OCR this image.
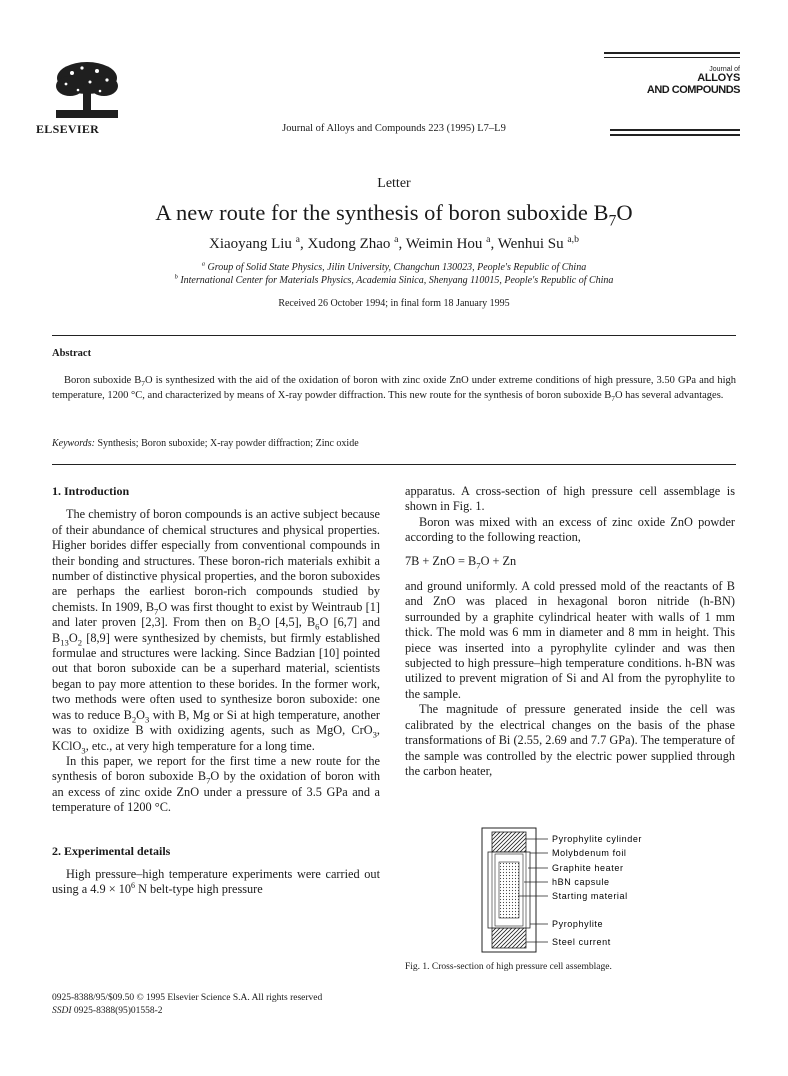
ELSEVIER	Journal of Alloys and Compounds 223 (1995) L7–L9
Journal of
ALLOYS
AND COMPOUNDS
Letter
A new route for the synthesis of boron suboxide $B_7O$
Xiaoyang Liu $^a$, Xudong Zhao $^a$, Weimin Hou $^a$, Wenhui Su $^{a,b}$
$^a$ Group of Solid State Physics, Jilin University, Changchun 130023, People's Republic of China
$^b$ International Center for Materials Physics, Academia Sinica, Shenyang 110015, People's Republic of China
Received 26 October 1994; in final form 18 January 1995
Abstract
Boron suboxide $B_7O$ is synthesized with the aid of the oxidation of boron with zinc oxide ZnO under extreme conditions of high pressure, 3.50 GPa and high temperature, 1200 °C, and characterized by means of X-ray powder diffraction. This new route for the synthesis of boron suboxide $B_7O$ has several advantages.
Keywords: Synthesis; Boron suboxide; X-ray powder diffraction; Zinc oxide
1. Introduction

The chemistry of boron compounds is an active subject because of their abundance of chemical structures and physical properties. Higher borides differ especially from conventional compounds in their bonding and structures. These boron-rich materials exhibit a number of distinctive physical properties, and the boron suboxides are perhaps the earliest boron-rich compounds studied by chemists. In 1909, $B_7O$ was first thought to exist by Weintraub [1] and later proven [2,3]. From then on $B_2O$ [4,5], $B_6O$ [6,7] and $B_{13}O_2$ [8,9] were synthesized by chemists, but firmly established formulae and structures were lacking. Since Badzian [10] pointed out that boron suboxide can be a superhard material, scientists began to pay more attention to these borides. In the former work, two methods were often used to synthesize boron suboxide: one was to reduce $B_2O_3$ with B, Mg or Si at high temperature, another was to oxidize B with oxidizing agents, such as MgO, CrO$_3$, KClO$_3$, etc., at very high temperature for a long time.

In this paper, we report for the first time a new route for the synthesis of boron suboxide $B_7O$ by the oxidation of boron with an excess of zinc oxide ZnO under a pressure of 3.5 GPa and a temperature of 1200 °C.

2. Experimental details

High pressure–high temperature experiments were carried out using a $4.9 \times 10^6$ N belt-type high pressure

apparatus. A cross-section of high pressure cell assemblage is shown in Fig. 1.

Boron was mixed with an excess of zinc oxide ZnO powder according to the following reaction,

7B + ZnO = $B_7O + Zn$

and ground uniformly. A cold pressed mold of the reactants of B and ZnO was placed in hexagonal boron nitride (h-BN) surrounded by a graphite cylindrical heater with walls of 1 mm thick. The mold was 6 mm in diameter and 8 mm in height. This piece was inserted into a pyrophylite cylinder and was then subjected to high pressure–high temperature conditions. h-BN was utilized to prevent migration of Si and Al from the pyrophylite to the sample.

The magnitude of pressure generated inside the cell was calibrated by the electrical changes on the basis of the phase transformations of Bi (2.55, 2.69 and 7.7 GPa). The temperature of the sample was controlled by the electric power supplied through the carbon heater,

Pyrophylite cylinder
Molybdenum foil
Graphite heater
hBN capsule
Starting material
Pyrophylite
Steel current
Fig. 1. Cross-section of high pressure cell assemblage.
0925-8388/95/$09.50 © 1995 Elsevier Science S.A. All rights reserved
SSDI 0925-8388(95)01558-2
